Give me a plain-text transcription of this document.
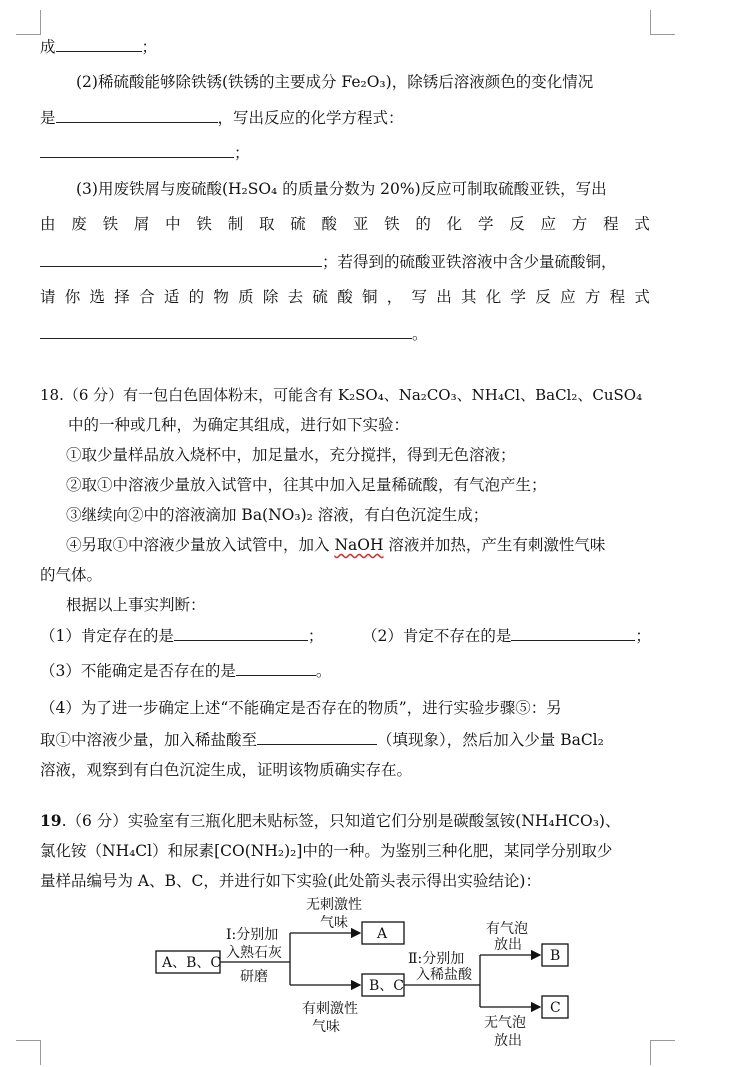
成	；
(2)稀硫酸能够除铁锈(铁锈的主要成分 Fe₂O₃)，除锈后溶液颜色的变化情况
是	，写出反应的化学方程式：
；
(3)用废铁屑与废硫酸(H₂SO₄ 的质量分数为 20%)反应可制取硫酸亚铁，写出
由 废 铁 屑 中 铁 制 取 硫 酸 亚 铁 的 化 学 反 应 方 程 式
；若得到的硫酸亚铁溶液中含少量硫酸铜，
请 你 选 择 合 适 的 物 质 除 去 硫 酸 铜 ， 写 出 其 化 学 反 应 方 程 式
。
18.（6 分）有一包白色固体粉末，可能含有 K₂SO₄、Na₂CO₃、NH₄Cl、BaCl₂、CuSO₄
中的一种或几种，为确定其组成，进行如下实验：
①取少量样品放入烧杯中，加足量水，充分搅拌，得到无色溶液；
②取①中溶液少量放入试管中，往其中加入足量稀硫酸，有气泡产生；
③继续向②中的溶液滴加 Ba(NO₃)₂ 溶液，有白色沉淀生成；
④另取①中溶液少量放入试管中，加入 NaOH 溶液并加热，产生有刺激性气味
的气体。
根据以上事实判断：
（1）肯定存在的是	； （2）肯定不存在的是	；
（3）不能确定是否存在的是	。
（4）为了进一步确定上述“不能确定是否存在的物质”，进行实验步骤⑤：另
取①中溶液少量，加入稀盐酸至	（填现象），然后加入少量 BaCl₂
溶液，观察到有白色沉淀生成，证明该物质确实存在。
19.（6 分）实验室有三瓶化肥未贴标签，只知道它们分别是碳酸氢铵(NH₄HCO₃)、
氯化铵（NH₄Cl）和尿素[CO(NH₂)₂]中的一种。为鉴别三种化肥，某同学分别取少
量样品编号为 A、B、C，并进行如下实验(此处箭头表示得出实验结论)：
A、B、C
Ⅰ:分别加
入熟石灰
研磨
无刺激性
气味
有刺激性
气味
A
B、C
Ⅱ:分别加
入稀盐酸
有气泡
放出
无气泡
放出
B
C
